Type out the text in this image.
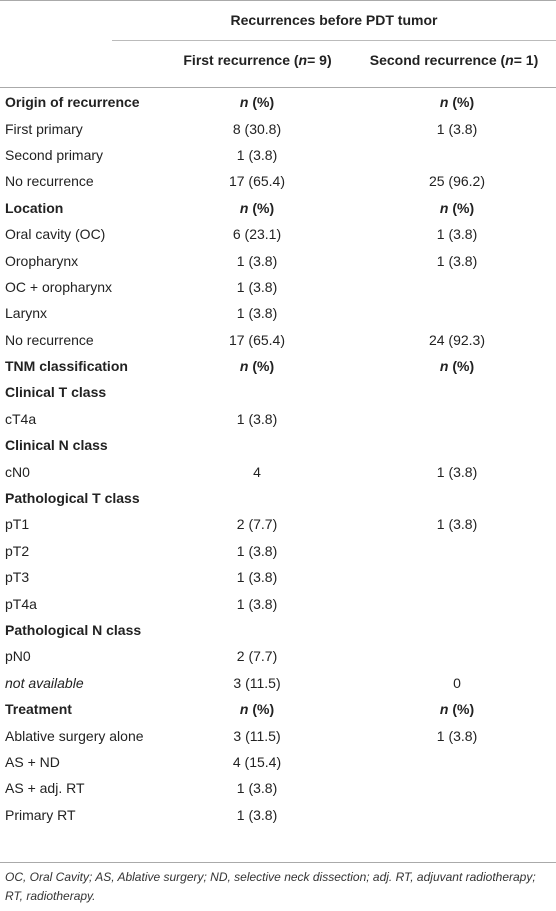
Recurrences before PDT tumor
First recurrence ( n = 9)	Second recurrence ( n = 1)
Origin of recurrence	n (%)	n (%)
First primary	8 (30.8)	1 (3.8)
Second primary	1 (3.8)
No recurrence	17 (65.4)	25 (96.2)
Location	n (%)	n (%)
Oral cavity (OC)	6 (23.1)	1 (3.8)
Oropharynx	1 (3.8)	1 (3.8)
OC + oropharynx	1 (3.8)
Larynx	1 (3.8)
No recurrence	17 (65.4)	24 (92.3)
TNM classification	n (%)	n (%)
Clinical T class
cT4a	1 (3.8)
Clinical N class
cN0	4	1 (3.8)
Pathological T class
pT1	2 (7.7)	1 (3.8)
pT2	1 (3.8)
pT3	1 (3.8)
pT4a	1 (3.8)
Pathological N class
pN0	2 (7.7)
not available	3 (11.5)	0
Treatment	n (%)	n (%)
Ablative surgery alone	3 (11.5)	1 (3.8)
AS + ND	4 (15.4)
AS + adj. RT	1 (3.8)
Primary RT	1 (3.8)
OC, Oral Cavity; AS, Ablative surgery; ND, selective neck dissection; adj. RT, adjuvant radiotherapy; RT, radiotherapy.
